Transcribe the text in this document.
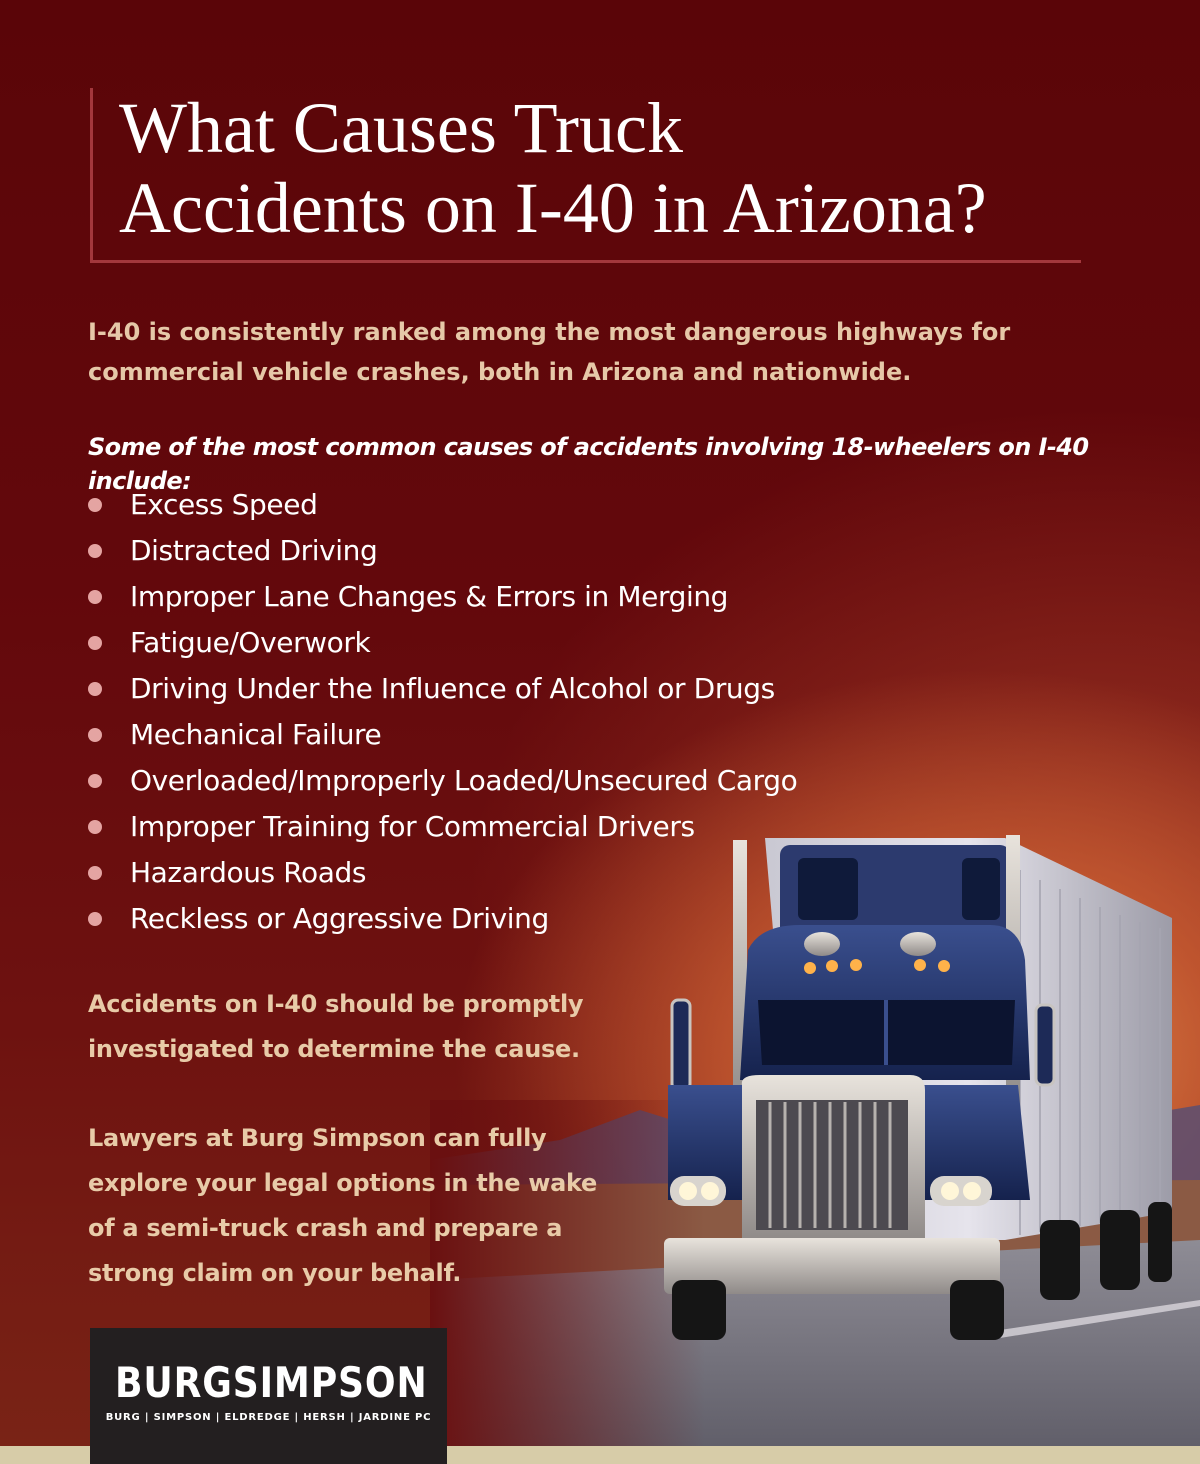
What Causes Truck
Accidents on I-40 in Arizona?

I-40 is consistently ranked among the most dangerous highways for commercial vehicle crashes, both in Arizona and nationwide.

Some of the most common causes of accidents involving 18-wheelers on I-40 include:

Excess Speed
Distracted Driving
Improper Lane Changes & Errors in Merging
Fatigue/Overwork
Driving Under the Influence of Alcohol or Drugs
Mechanical Failure
Overloaded/Improperly Loaded/Unsecured Cargo
Improper Training for Commercial Drivers
Hazardous Roads
Reckless or Aggressive Driving

Accidents on I-40 should be promptly investigated to determine the cause.

Lawyers at Burg Simpson can fully explore your legal options in the wake of a semi-truck crash and prepare a strong claim on your behalf.

BURGSIMPSON
BURG | SIMPSON | ELDREDGE | HERSH | JARDINE PC
